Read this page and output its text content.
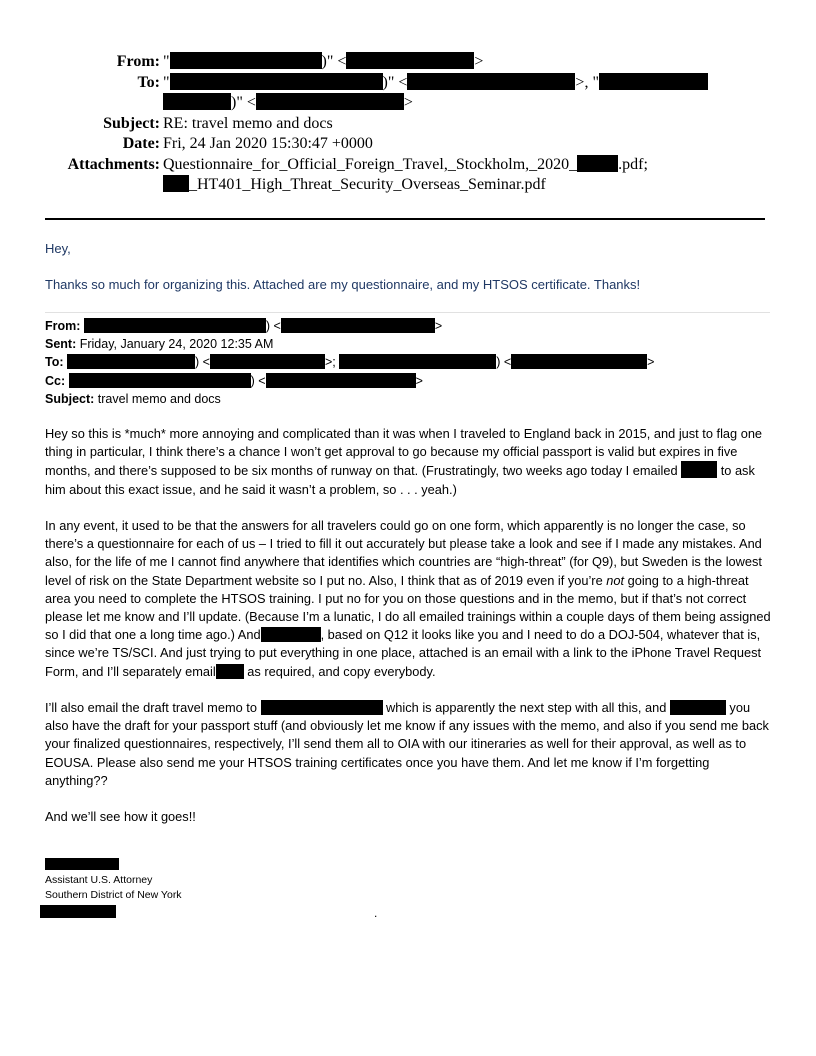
From: "	)" <	>
To: "	)" <	>, "
)" <	>
Subject: RE: travel memo and docs
Date: Fri, 24 Jan 2020 15:30:47 +0000
Attachments: Questionnaire_for_Official_Foreign_Travel,_Stockholm,_2020_	.pdf;
_HT401_High_Threat_Security_Overseas_Seminar.pdf

Hey,

Thanks so much for organizing this. Attached are my questionnaire, and my HTSOS certificate. Thanks!

From:	) <	>
Sent: Friday, January 24, 2020 12:35 AM
To:	) <	>;	) <	>
Cc:	) <	>
Subject: travel memo and docs

Hey so this is *much* more annoying and complicated than it was when I traveled to England back in 2015, and just to flag one thing in particular, I think there’s a chance I won’t get approval to go because my official passport is valid but expires in five months, and there’s supposed to be six months of runway on that. (Frustratingly, two weeks ago today I emailed	to ask him about this exact issue, and he said it wasn’t a problem, so . . . yeah.)

In any event, it used to be that the answers for all travelers could go on one form, which apparently is no longer the case, so there’s a questionnaire for each of us – I tried to fill it out accurately but please take a look and see if I made any mistakes. And also, for the life of me I cannot find anywhere that identifies which countries are “high-threat” (for Q9), but Sweden is the lowest level of risk on the State Department website so I put no. Also, I think that as of 2019 even if you’re not going to a high-threat area you need to complete the HTSOS training. I put no for you on those questions and in the memo, but if that’s not correct please let me know and I’ll update. (Because I’m a lunatic, I do all emailed trainings within a couple days of them being assigned so I did that one a long time ago.) And	, based on Q12 it looks like you and I need to do a DOJ-504, whatever that is, since we’re TS/SCI. And just trying to put everything in one place, attached is an email with a link to the iPhone Travel Request Form, and I’ll separately email as required, and copy everybody.

I’ll also email the draft travel memo to	which is apparently the next step with all this, and	you also have the draft for your passport stuff (and obviously let me know if any issues with the memo, and also if you send me back your finalized questionnaires, respectively, I’ll send them all to OIA with our itineraries as well for their approval, as well as to EOUSA. Please also send me your HTSOS training certificates once you have them. And let me know if I’m forgetting anything??

And we’ll see how it goes!!

Assistant U.S. Attorney
Southern District of New York
.
